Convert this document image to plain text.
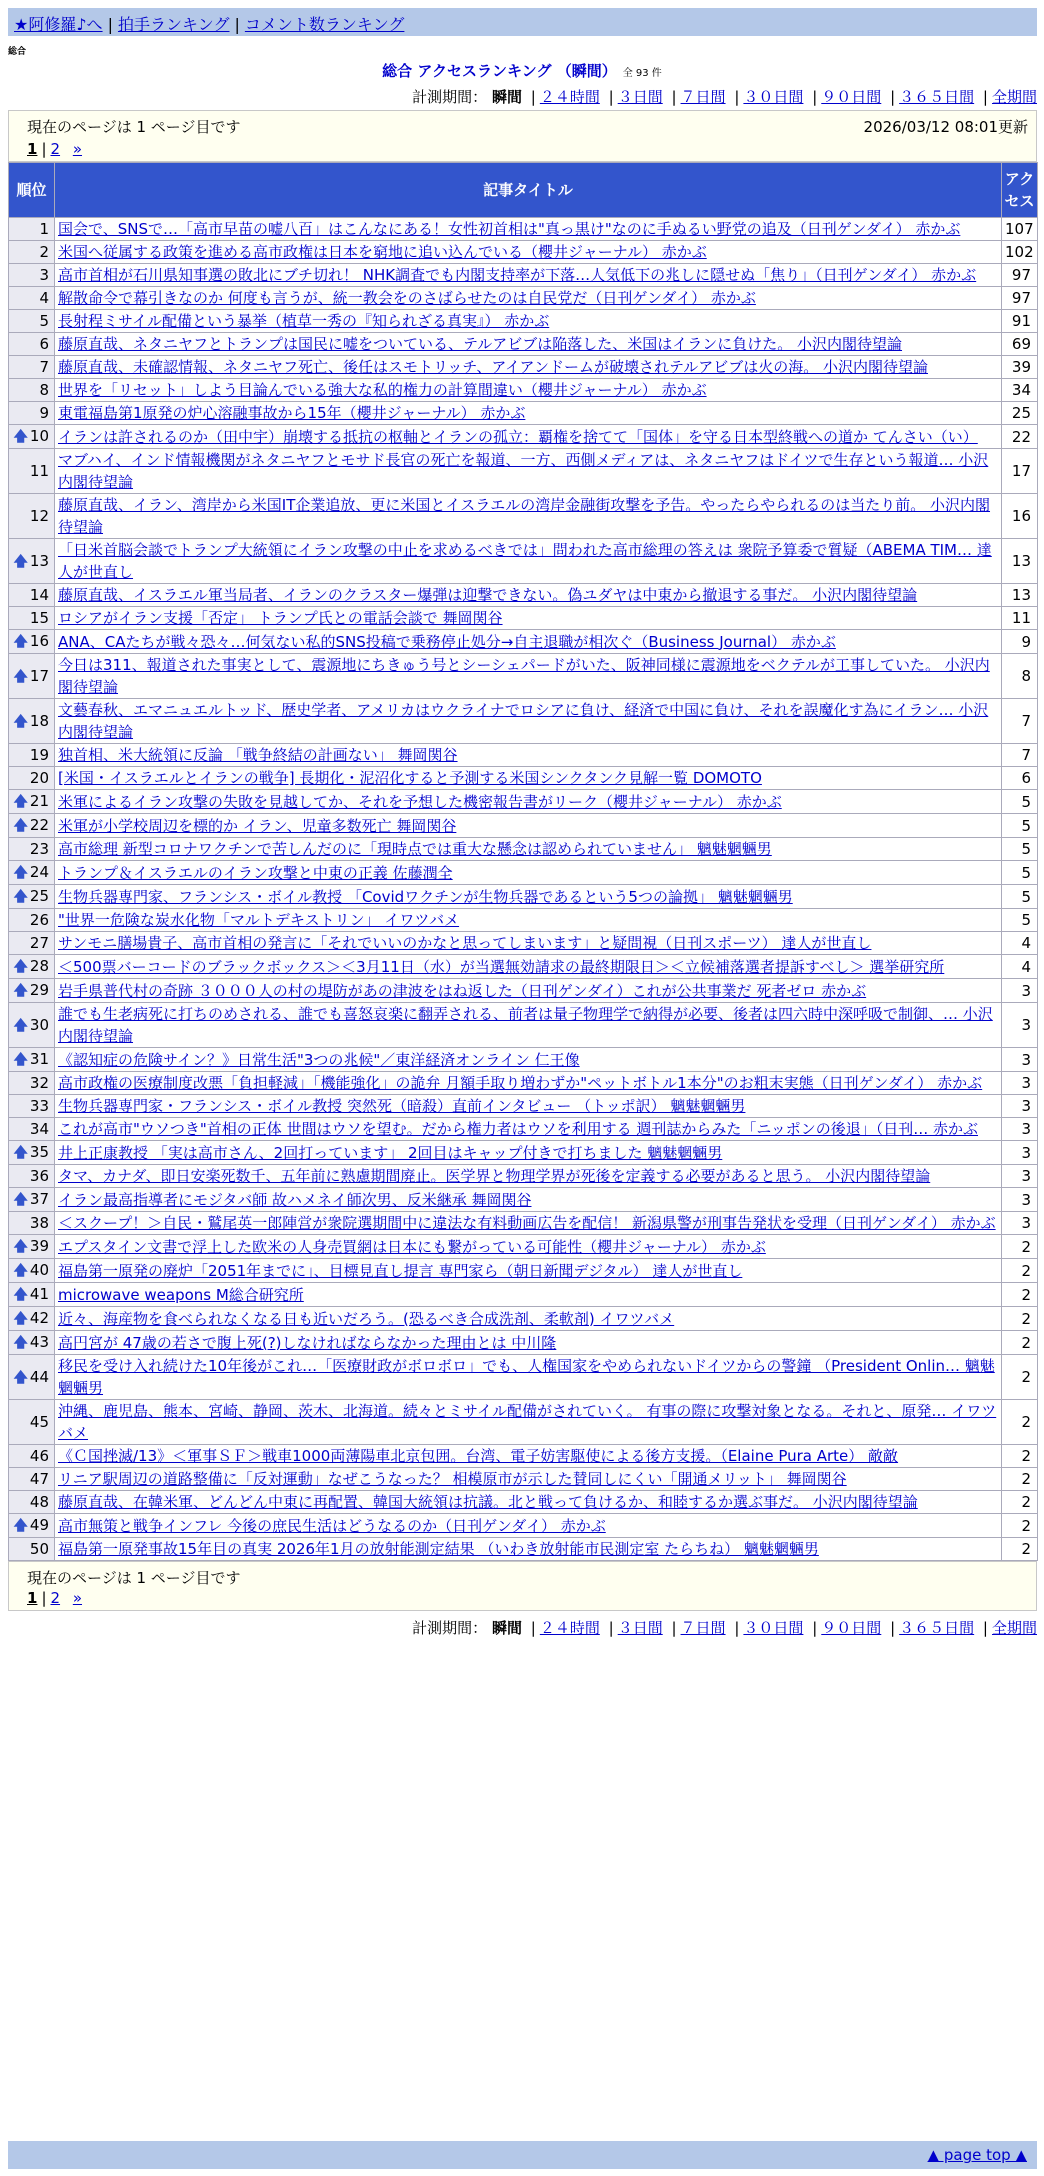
★阿修羅♪へ | 拍手ランキング | コメント数ランキング
総合
総合 アクセスランキング （瞬間） 全 93 件
計測期間： 瞬間 | ２４時間 | ３日間 | ７日間 | ３０日間 | ９０日間 | ３６５日間 | 全期間
現在のページは 1 ページ目です	2026/03/12 08:01更新
1 | 2 »
順位	記事タイトル	アクセス
1	国会で、SNSで…「高市早苗の嘘八百」はこんなにある！女性初首相は"真っ黒け"なのに手ぬるい野党の追及（日刊ゲンダイ） 赤かぶ	107
2	米国へ従属する政策を進める高市政権は日本を窮地に追い込んでいる（櫻井ジャーナル） 赤かぶ	102
3	高市首相が石川県知事選の敗北にブチ切れ！ NHK調査でも内閣支持率が下落…人気低下の兆しに隠せぬ「焦り」（日刊ゲンダイ） 赤かぶ	97
4	解散命令で幕引きなのか 何度も言うが、統一教会をのさばらせたのは自民党だ（日刊ゲンダイ） 赤かぶ	97
5	長射程ミサイル配備という暴挙（植草一秀の『知られざる真実』） 赤かぶ	91
6	藤原直哉、ネタニヤフとトランプは国民に嘘をついている、テルアビブは陥落した、米国はイランに負けた。 小沢内閣待望論	69
7	藤原直哉、未確認情報、ネタニヤフ死亡、後任はスモトリッチ、アイアンドームが破壊されテルアビブは火の海。 小沢内閣待望論	39
8	世界を「リセット」しよう目論んでいる強大な私的権力の計算間違い（櫻井ジャーナル） 赤かぶ	34
9	東電福島第1原発の炉心溶融事故から15年（櫻井ジャーナル） 赤かぶ	25
🡅 10	イランは許されるのか（田中宇）崩壊する抵抗の枢軸とイランの孤立：覇権を捨てて「国体」を守る日本型終戦への道か てんさい（い）	22
11	マブハイ、インド情報機関がネタニヤフとモサド長官の死亡を報道、一方、西側メディアは、ネタニヤフはドイツで生存という報道… 小沢内閣待望論	17
12	藤原直哉、イラン、湾岸から米国IT企業追放、更に米国とイスラエルの湾岸金融街攻撃を予告。やったらやられるのは当たり前。 小沢内閣待望論	16
🡅 13	「日米首脳会談でトランプ大統領にイラン攻撃の中止を求めるべきでは」問われた高市総理の答えは 衆院予算委で質疑（ABEMA TIM… 達人が世直し	13
14	藤原直哉、イスラエル軍当局者、イランのクラスター爆弾は迎撃できない。偽ユダヤは中東から撤退する事だ。 小沢内閣待望論	13
15	ロシアがイラン支援「否定」 トランプ氏との電話会談で 舞岡関谷	11
🡅 16	ANA、CAたちが戦々恐々…何気ない私的SNS投稿で乗務停止処分→自主退職が相次ぐ（Business Journal） 赤かぶ	9
🡅 17	今日は311、報道された事実として、震源地にちきゅう号とシーシェパードがいた、阪神同様に震源地をベクテルが工事していた。 小沢内閣待望論	8
🡅 18	文藝春秋、エマニュエルトッド、歴史学者、アメリカはウクライナでロシアに負け、経済で中国に負け、それを誤魔化す為にイラン… 小沢内閣待望論	7
19	独首相、米大統領に反論 「戦争終結の計画ない」 舞岡関谷	7
20	[米国・イスラエルとイランの戦争] 長期化・泥沼化すると予測する米国シンクタンク見解一覧 DOMOTO	6
🡅 21	米軍によるイラン攻撃の失敗を見越してか、それを予想した機密報告書がリーク（櫻井ジャーナル） 赤かぶ	5
🡅 22	米軍が小学校周辺を標的か イラン、児童多数死亡 舞岡関谷	5
23	高市総理 新型コロナワクチンで苦しんだのに「現時点では重大な懸念は認められていません」 魑魅魍魎男	5
🡅 24	トランプ＆イスラエルのイラン攻撃と中東の正義 佐藤潤全	5
🡅 25	生物兵器専門家、フランシス・ボイル教授 「Covidワクチンが生物兵器であるという5つの論拠」 魑魅魍魎男	5
26	"世界一危険な炭水化物「マルトデキストリン」 イワツバメ	5
27	サンモニ膳場貴子、高市首相の発言に「それでいいのかなと思ってしまいます」と疑問視（日刊スポーツ） 達人が世直し	4
🡅 28	＜500票バーコードのブラックボックス＞＜3月11日（水）が当選無効請求の最終期限日＞＜立候補落選者提訴すべし＞ 選挙研究所	4
🡅 29	岩手県普代村の奇跡 ３０００人の村の堤防があの津波をはね返した（日刊ゲンダイ）これが公共事業だ 死者ゼロ 赤かぶ	3
🡅 30	誰でも生老病死に打ちのめされる、誰でも喜怒哀楽に翻弄される、前者は量子物理学で納得が必要、後者は四六時中深呼吸で制御、… 小沢内閣待望論	3
🡅 31	《認知症の危険サイン？》日常生活"3つの兆候"／東洋経済オンライン 仁王像	3
32	高市政権の医療制度改悪「負担軽減」「機能強化」の詭弁 月額手取り増わずか"ペットボトル1本分"のお粗末実態（日刊ゲンダイ） 赤かぶ	3
33	生物兵器専門家・フランシス・ボイル教授 突然死（暗殺）直前インタビュー （トッポ訳） 魑魅魍魎男	3
34	これが高市"ウソつき"首相の正体 世間はウソを望む。だから権力者はウソを利用する 週刊誌からみた「ニッポンの後退」（日刊… 赤かぶ	3
🡅 35	井上正康教授 「実は高市さん、2回打っています」 2回目はキャップ付きで打ちました 魑魅魍魎男	3
36	タマ、カナダ、即日安楽死数千、五年前に熟慮期間廃止。医学界と物理学界が死後を定義する必要があると思う。 小沢内閣待望論	3
🡅 37	イラン最高指導者にモジタバ師 故ハメネイ師次男、反米継承 舞岡関谷	3
38	＜スクープ！＞自民・鷲尾英一郎陣営が衆院選期間中に違法な有料動画広告を配信！ 新潟県警が刑事告発状を受理（日刊ゲンダイ） 赤かぶ	3
🡅 39	エプスタイン文書で浮上した欧米の人身売買網は日本にも繋がっている可能性（櫻井ジャーナル） 赤かぶ	2
🡅 40	福島第一原発の廃炉「2051年までに」、目標見直し提言 専門家ら（朝日新聞デジタル） 達人が世直し	2
🡅 41	microwave weapons M総合研究所	2
🡅 42	近々、海産物を食べられなくなる日も近いだろう。(恐るべき合成洗剤、柔軟剤) イワツバメ	2
🡅 43	高円宮が 47歳の若さで腹上死(?)しなければならなかった理由とは 中川隆	2
🡅 44	移民を受け入れ続けた10年後がこれ…「医療財政がボロボロ」でも、人権国家をやめられないドイツからの警鐘 （President Onlin… 魑魅魍魎男	2
45	沖縄、鹿児島、熊本、宮崎、静岡、茨木、北海道。続々とミサイル配備がされていく。 有事の際に攻撃対象となる。それと、原発… イワツバメ	2
46	《Ｃ国挫滅/13》＜軍事ＳＦ＞戦車1000両薄陽車北京包囲。台湾、電子妨害駆使による後方支援。（Elaine Pura Arte） 敵敵	2
47	リニア駅周辺の道路整備に「反対運動」なぜこうなった？ 相模原市が示した賛同しにくい「開通メリット」 舞岡関谷	2
48	藤原直哉、在韓米軍、どんどん中東に再配置、韓国大統領は抗議。北と戦って負けるか、和睦するか選ぶ事だ。 小沢内閣待望論	2
🡅 49	高市無策と戦争インフレ 今後の庶民生活はどうなるのか（日刊ゲンダイ） 赤かぶ	2
50	福島第一原発事故15年目の真実 2026年1月の放射能測定結果 （いわき放射能市民測定室 たらちね） 魑魅魍魎男	2
現在のページは 1 ページ目です
1 | 2 »
計測期間： 瞬間 | ２４時間 | ３日間 | ７日間 | ３０日間 | ９０日間 | ３６５日間 | 全期間
▲ page top ▲
